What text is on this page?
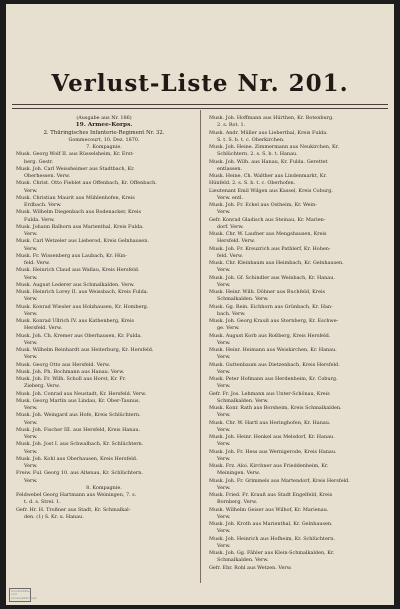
Verlust-Liste Nr. 201.
(Ausgabe aus Nr. 186)
19. Armee-Korps.
2. Thüringisches Infanterie-Regiment Nr. 32.
Gommecourt, 10. Dez. 1870.
7. Kompagnie.
Musk. Georg Wolf II. aus Rüsselsheim, Kr. Erst-
berg. Gestr.
Musk. Joh. Carl Weissheimer aus Stadtbach, Kr.
Oberhessen. Verw.
Musk. Christ. Otto Fieblet aus Offenbach, Kr. Offenbach.
Verw.
Musk. Christian Maurit aus Mühlenhofen, Kreis
Erdbach. Verw.
Musk. Wilhelm Diegenbach aus Rodenacker, Kreis
Fulda. Verw.
Musk. Johann Balhorn aus Marienthal, Kreis Fulda.
Verw.
Musk. Carl Wetzeler aus Lieberod, Kreis Gelnhausen.
Verw.
Musk. Fr. Wissenberg aus Laubach, Kr. Hün-
feld. Verw.
Musk. Heinrich Claud aus Wallau, Kreis Hersfeld.
Verw.
Musk. August Lederer aus Schmalkalden. Verw.
Musk. Heinrich Lorey II. aus Weissbach, Kreis Fulda.
Verw.
Musk. Konrad Wiesler aus Holzhausen, Kr. Homberg.
Verw.
Musk. Konrad Ullrich IV. aus Kathenberg, Kreis
Hersfeld. Verw.
Musk. Joh. Ch. Kremer aus Oberhausen, Kr. Fulda.
Verw.
Musk. Wilhelm Reinhardt aus Heiterburg, Kr. Hersfeld.
Verw.
Musk. Georg Otto aus Hersfeld. Verw.
Musk. Joh. Ph. Bochmann aus Hanau. Verw.
Musk. Joh. Fr. Wilh. Scholl aus Horst, Kr. Fr.
Zieberg. Verw.
Musk. Joh. Conrad aus Neustadt, Kr. Hersfeld. Verw.
Musk. Georg Martin aus Lindau, Kr. Ober-Taunus.
Verw.
Musk. Joh. Weingard aus Hofe, Kreis Schlüchtern.
Verw.
Musk. Joh. Fischer III. aus Hersfeld, Kreis Hanau.
Verw.
Musk. Joh. Jost I. aus Schwalbach, Kr. Schlüchtern.
Verw.
Musk. Joh. Kohl aus Oberhausen, Kreis Hersfeld.
Verw.
Freiw. Ful. Georg 10. aus Altenau, Kr. Schlüchtern.
Verw.
8. Kompagnie.
Feldwebel Georg Hartmann aus Weiningen, 7. s.
t. d. s. Strel. 1.
Gefr. Hr. H. Troßner aus Stadt, Kr. Schmalkal-
den. (1) S. Kr. u. Hanau.
Musk. Joh. Hoffmann aus Hürthen, Kr. Rotenburg.
2. s. Rot. 1.
Musk. Andr. Müller aus Lieberthal, Kreis Fulda.
S. t. S. b. t. c. Oberkirchen.
Musk. Joh. Heine. Zimmermann aus Neukirchen, Kr.
Schlüchtern. 2. s. S. b. t. Hanau.
Musk. Joh. Wilh. aus Hanau, Kr. Fulda. Gerettet
entlassen.
Musk. Heine. Ch. Walther aus Lindenmarkt, Kr.
Hünfeld. 2. s. S. b. t. c. Oberhofen.
Lieutenant Emil Wilgen aus Kassel, Kreis Coburg.
Verw. entl.
Musk. Joh. Fr. Eckel aus Ostheim, Kr. Wein-
Verw.
Gefr. Konrad Gladisch aus Steinau, Kr. Marien-
dorf. Verw.
Musk. Chr. W. Laufner aus Mengshausen, Kreis
Hersfeld. Verw.
Musk. Joh. Fr. Kreuzrich aus Pathlerf, Kr. Hohen-
feld. Verw.
Musk. Chr. Kleinbaum aus Heimbach, Kr. Gelnhausen.
Verw.
Musk. Joh. Gf. Schindler aus Weinbach, Kr. Hanau.
Verw.
Musk. Heinr. Wilh. Döhner aus Buchfeld, Kreis
Schmalkalden. Verw.
Musk. Gg. Rein. Eichhorn aus Grünbach, Kr. Han-
bach. Verw.
Musk. Joh. Georg Krauß aus Sternberg, Kr. Eschwe-
ge. Verw.
Musk. August Korb aus Roßberg, Kreis Hersfeld.
Verw.
Musk. Heinr. Heimann aus Weiskirchen, Kr. Hanau.
Verw.
Musk. Guttenbaum aus Dietzenbach, Kreis Hersfeld.
Verw.
Musk. Peter Hofmann aus Herdenheim, Kr. Coburg.
Verw.
Gefr. Fr. Jos. Lehmann aus Unter-Schönau, Kreis
Schmalkalden. Verw.
Musk. Konr. Rath aus Borsheim, Kreis Schmalkalden.
Verw.
Musk. Chr. W. Hartl aus Heringhofen, Kr. Hanau.
Verw.
Musk. Joh. Heinr. Henkel aus Melsdorf, Kr. Hanau.
Verw.
Musk. Joh. Fr. Hess aus Wernigerode, Kreis Hanau.
Verw.
Musk. Frz. Aloi. Kirchner aus Frieddenheim, Kr.
Meiningen. Verw.
Musk. Joh. Fr. Grimmels aus Martendorf, Kreis Hersfeld.
Verw.
Musk. Fried. Fr. Krauß aus Stadt Engelfeld, Kreis
Bornberg. Verw.
Musk. Wilhelm Geiser aus Wilhof, Kr. Marienau.
Verw.
Musk. Joh. Kroth aus Marienthal, Kr. Gelnhausen.
Verw.
Musk. Joh. Heinrich aus Hofheim, Kr. Schlüchtern.
Verw.
Musk. Joh. Gg. Fähler aus Klein-Schmalkalden, Kr.
Schmalkalden. Verw.
Gefr. Ehr. Rohl aus Wetzen. Verw.
Universitäts- und Landesbibliothek
